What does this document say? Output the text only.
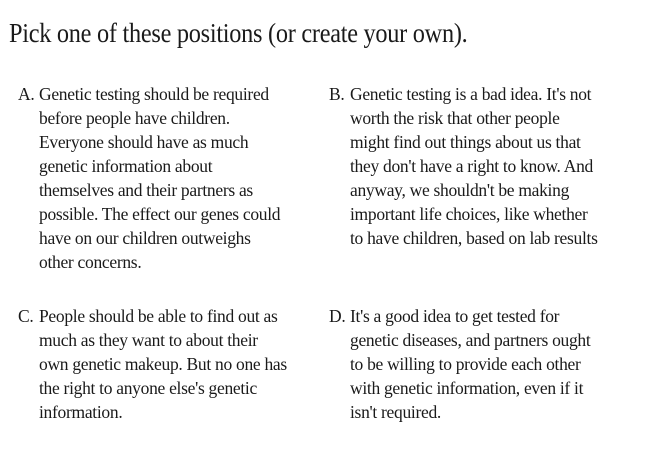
Pick one of these positions (or create your own).
A. Genetic testing should be required
before people have children.
Everyone should have as much
genetic information about
themselves and their partners as
possible. The effect our genes could
have on our children outweighs
other concerns.
B. Genetic testing is a bad idea. It's not
worth the risk that other people
might find out things about us that
they don't have a right to know. And
anyway, we shouldn't be making
important life choices, like whether
to have children, based on lab results
C. People should be able to find out as
much as they want to about their
own genetic makeup. But no one has
the right to anyone else's genetic
information.
D. It's a good idea to get tested for
genetic diseases, and partners ought
to be willing to provide each other
with genetic information, even if it
isn't required.
